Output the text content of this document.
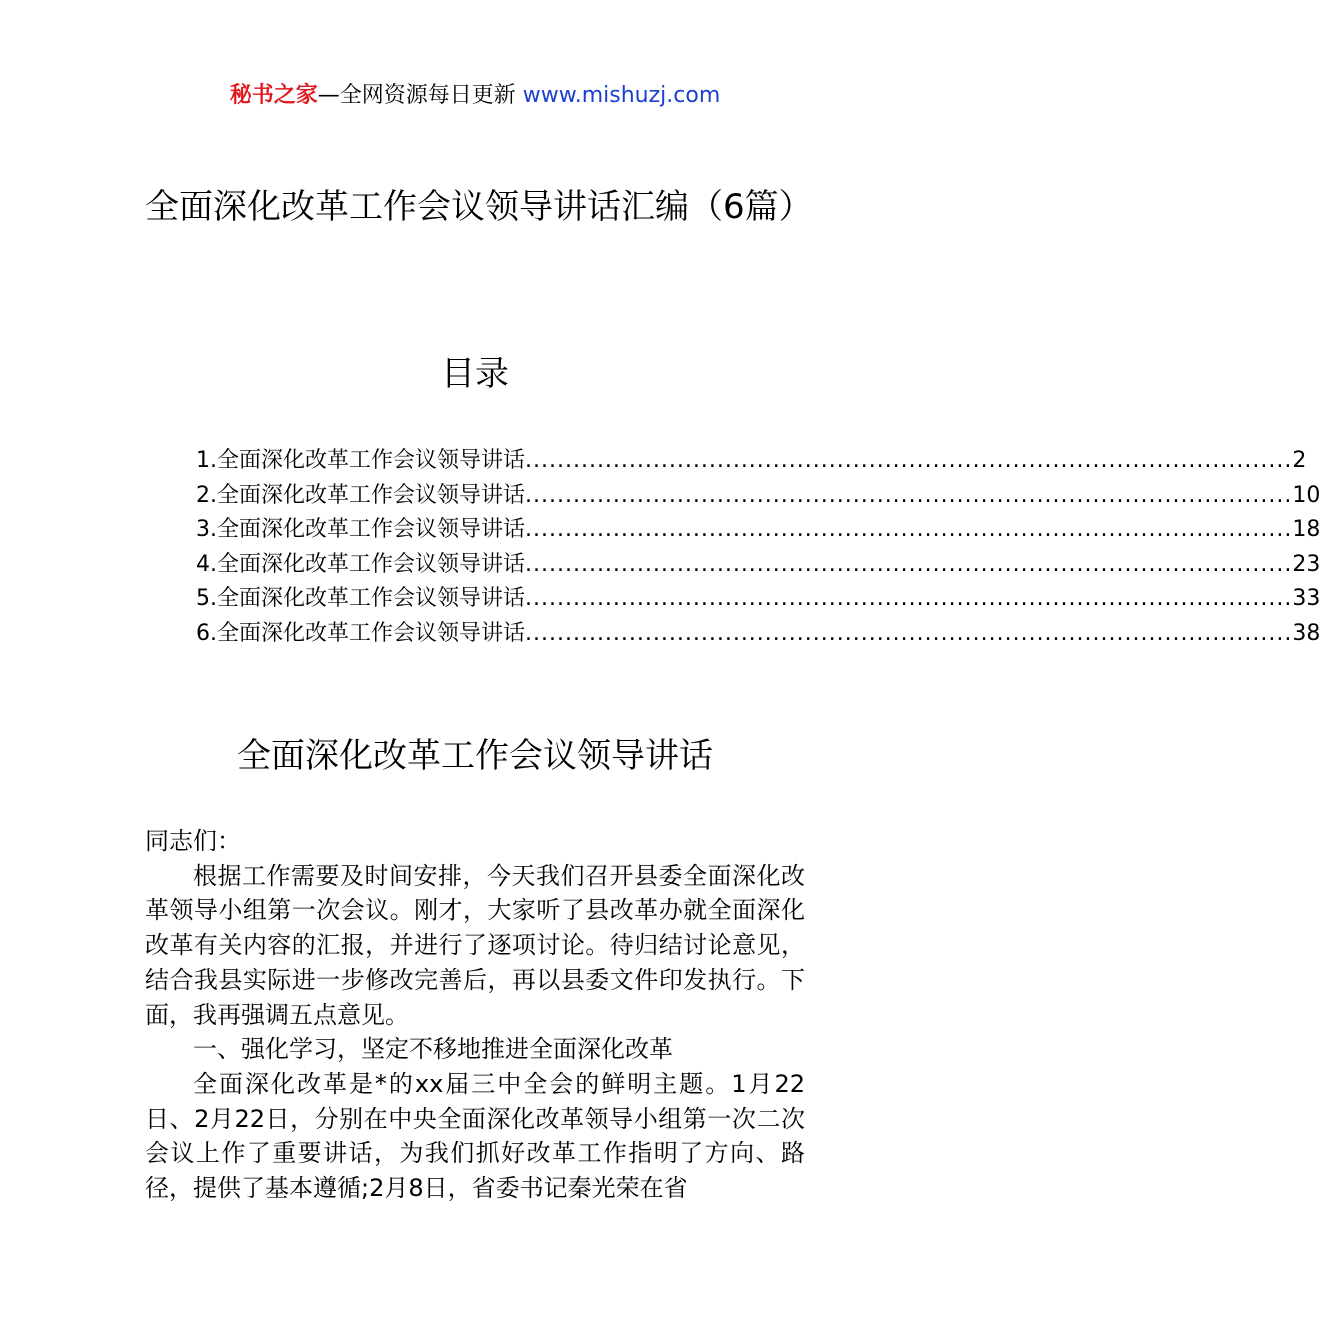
秘书之家—全网资源每日更新 www.mishuzj.com
全面深化改革工作会议领导讲话汇编（6篇）
目录
1.全面深化改革工作会议领导讲话 ................................................................................................ 2
2.全面深化改革工作会议领导讲话 ................................................................................................ 10
3.全面深化改革工作会议领导讲话 ................................................................................................ 18
4.全面深化改革工作会议领导讲话 ................................................................................................ 23
5.全面深化改革工作会议领导讲话 ................................................................................................ 33
6.全面深化改革工作会议领导讲话 ................................................................................................ 38
全面深化改革工作会议领导讲话

同志们：

根据工作需要及时间安排，今天我们召开县委全面深化改革领导小组第一次会议。刚才，大家听了县改革办就全面深化改革有关内容的汇报，并进行了逐项讨论。待归结讨论意见，结合我县实际进一步修改完善后，再以县委文件印发执行。下面，我再强调五点意见。

一、强化学习，坚定不移地推进全面深化改革

全面深化改革是*的xx届三中全会的鲜明主题。1月22日、2月22日，分别在中央全面深化改革领导小组第一次二次会议上作了重要讲话，为我们抓好改革工作指明了方向、路径，提供了基本遵循;2月8日，省委书记秦光荣在省
